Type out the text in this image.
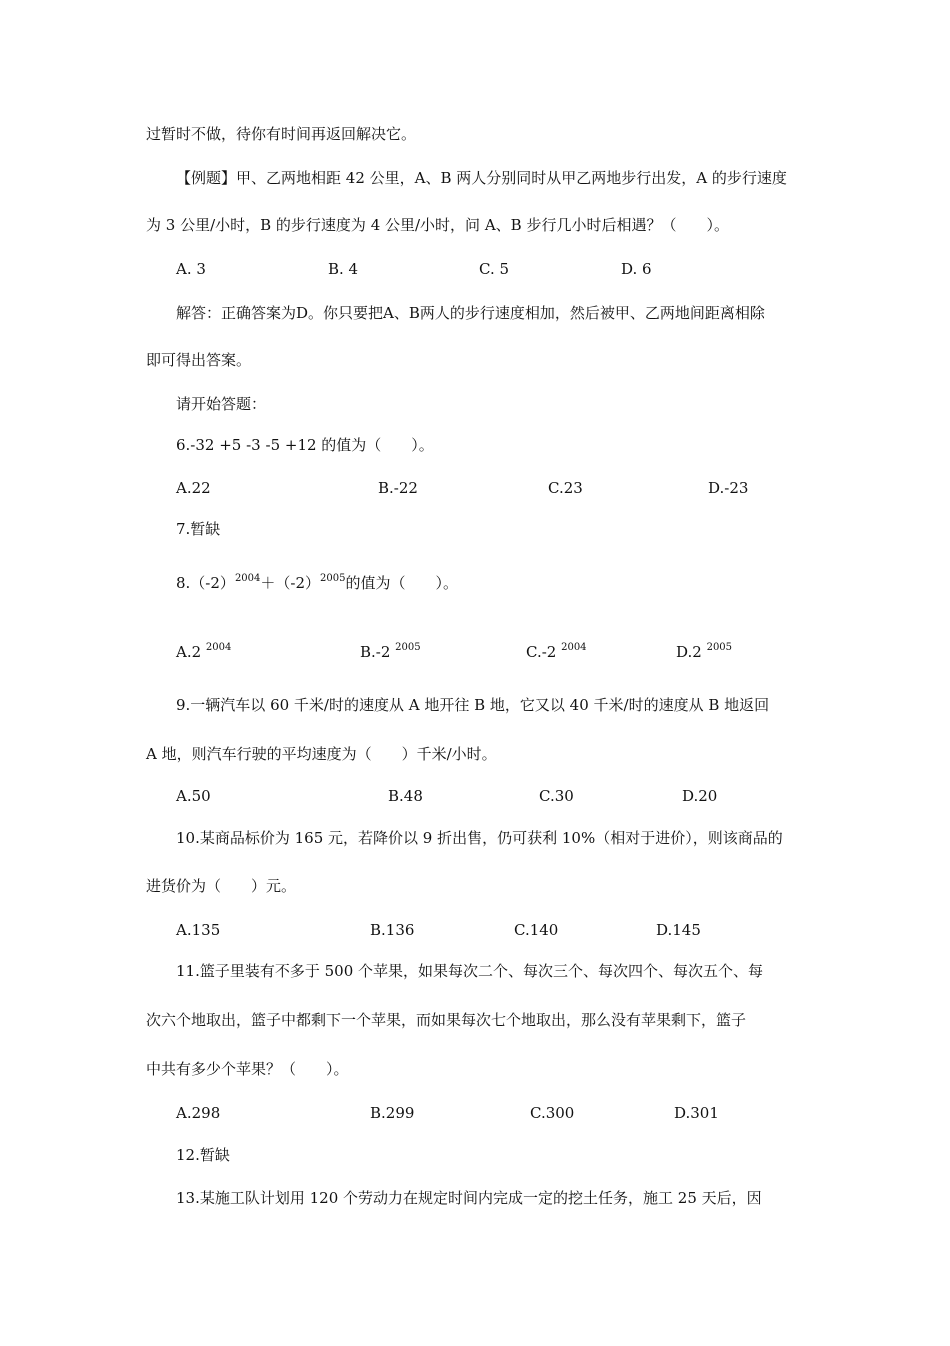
过暂时不做，待你有时间再返回解决它。
【例题】甲、乙两地相距 42 公里，A、B 两人分别同时从甲乙两地步行出发，A 的步行速度
为 3 公里/小时，B 的步行速度为 4 公里/小时，问 A、B 步行几小时后相遇？（　　）。
A. 3	B. 4	C. 5	D. 6
解答：正确答案为D。你只要把A、B两人的步行速度相加，然后被甲、乙两地间距离相除
即可得出答案。
请开始答题：
6.-32 +5 -3 -5 +12 的值为（　　）。
A.22	B.-22	C.23	D.-23
7.暂缺
$8.(-2)^{2004}+(-2)^{2005}$的值为（　　）。
A.2 $^{2004}$	B.-2 $^{2005}$	C.-2 $^{2004}$	D.2 $^{2005}$
9.一辆汽车以 60 千米/时的速度从 A 地开往 B 地，它又以 40 千米/时的速度从 B 地返回
A 地，则汽车行驶的平均速度为（　　）千米/小时。
A.50	B.48	C.30	D.20
10.某商品标价为 165 元，若降价以 9 折出售，仍可获利 10%（相对于进价），则该商品的
进货价为（　　）元。
A.135	B.136	C.140	D.145
11.篮子里装有不多于 500 个苹果，如果每次二个、每次三个、每次四个、每次五个、每
次六个地取出，篮子中都剩下一个苹果，而如果每次七个地取出，那么没有苹果剩下，篮子
中共有多少个苹果？（　　）。
A.298	B.299	C.300	D.301
12.暂缺
13.某施工队计划用 120 个劳动力在规定时间内完成一定的挖土任务，施工 25 天后，因
